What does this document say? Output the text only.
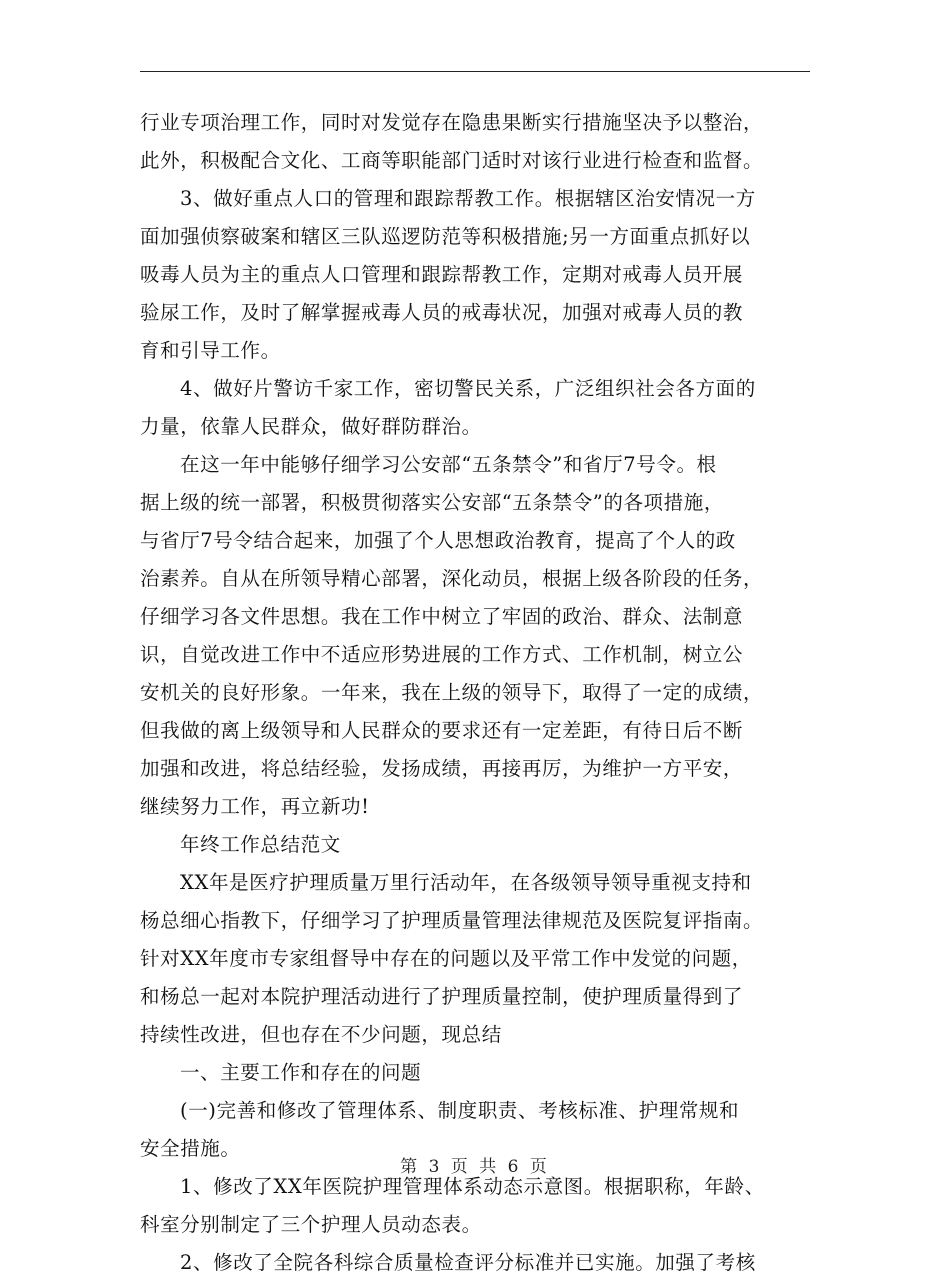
行业专项治理工作，同时对发觉存在隐患果断实行措施坚决予以整治，
此外，积极配合文化、工商等职能部门适时对该行业进行检查和监督。
3、做好重点人口的管理和跟踪帮教工作。根据辖区治安情况一方
面加强侦察破案和辖区三队巡逻防范等积极措施;另一方面重点抓好以
吸毒人员为主的重点人口管理和跟踪帮教工作，定期对戒毒人员开展
验尿工作，及时了解掌握戒毒人员的戒毒状况，加强对戒毒人员的教
育和引导工作。
4、做好片警访千家工作，密切警民关系，广泛组织社会各方面的
力量，依靠人民群众，做好群防群治。
在这一年中能够仔细学习公安部“五条禁令”和省厅7号令。根
据上级的统一部署，积极贯彻落实公安部“五条禁令”的各项措施，
与省厅7号令结合起来，加强了个人思想政治教育，提高了个人的政
治素养。自从在所领导精心部署，深化动员，根据上级各阶段的任务，
仔细学习各文件思想。我在工作中树立了牢固的政治、群众、法制意
识，自觉改进工作中不适应形势进展的工作方式、工作机制，树立公
安机关的良好形象。一年来，我在上级的领导下，取得了一定的成绩，
但我做的离上级领导和人民群众的要求还有一定差距，有待日后不断
加强和改进，将总结经验，发扬成绩，再接再厉，为维护一方平安，
继续努力工作，再立新功!
年终工作总结范文
XX年是医疗护理质量万里行活动年，在各级领导领导重视支持和
杨总细心指教下，仔细学习了护理质量管理法律规范及医院复评指南。
针对XX年度市专家组督导中存在的问题以及平常工作中发觉的问题，
和杨总一起对本院护理活动进行了护理质量控制，使护理质量得到了
持续性改进，但也存在不少问题，现总结
一、主要工作和存在的问题
(一)完善和修改了管理体系、制度职责、考核标准、护理常规和
安全措施。
1、修改了XX年医院护理管理体系动态示意图。根据职称，年龄、
科室分别制定了三个护理人员动态表。
2、修改了全院各科综合质量检查评分标准并已实施。加强了考核
第 3 页 共 6 页
